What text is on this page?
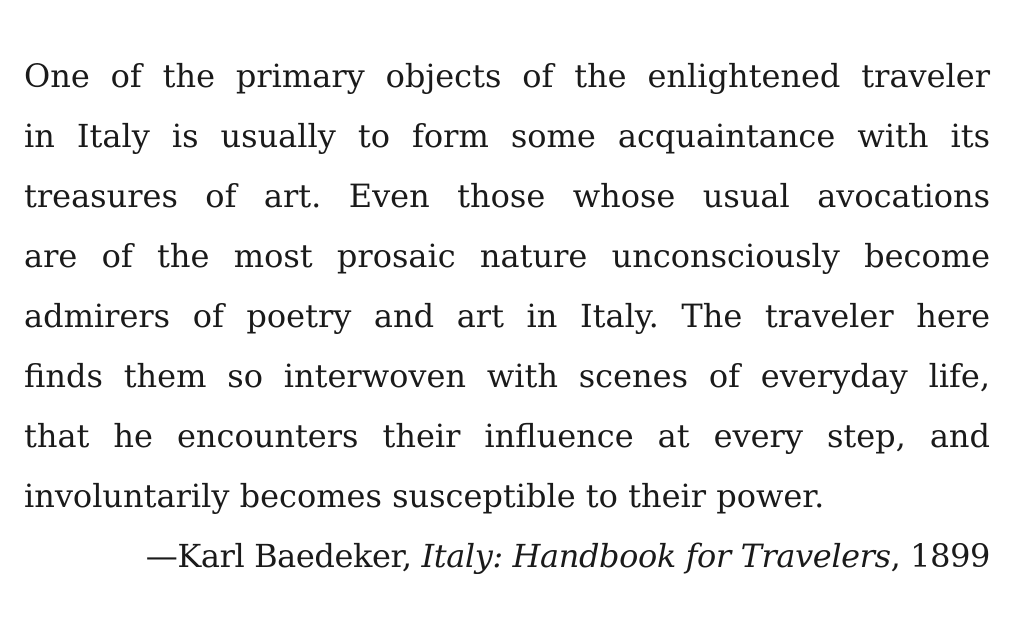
One of the primary objects of the enlightened traveler
in Italy is usually to form some acquaintance with its
treasures of art. Even those whose usual avocations
are of the most prosaic nature unconsciously become
admirers of poetry and art in Italy. The traveler here
finds them so interwoven with scenes of everyday life,
that he encounters their influence at every step, and
involuntarily becomes susceptible to their power.
—Karl Baedeker, Italy: Handbook for Travelers, 1899
